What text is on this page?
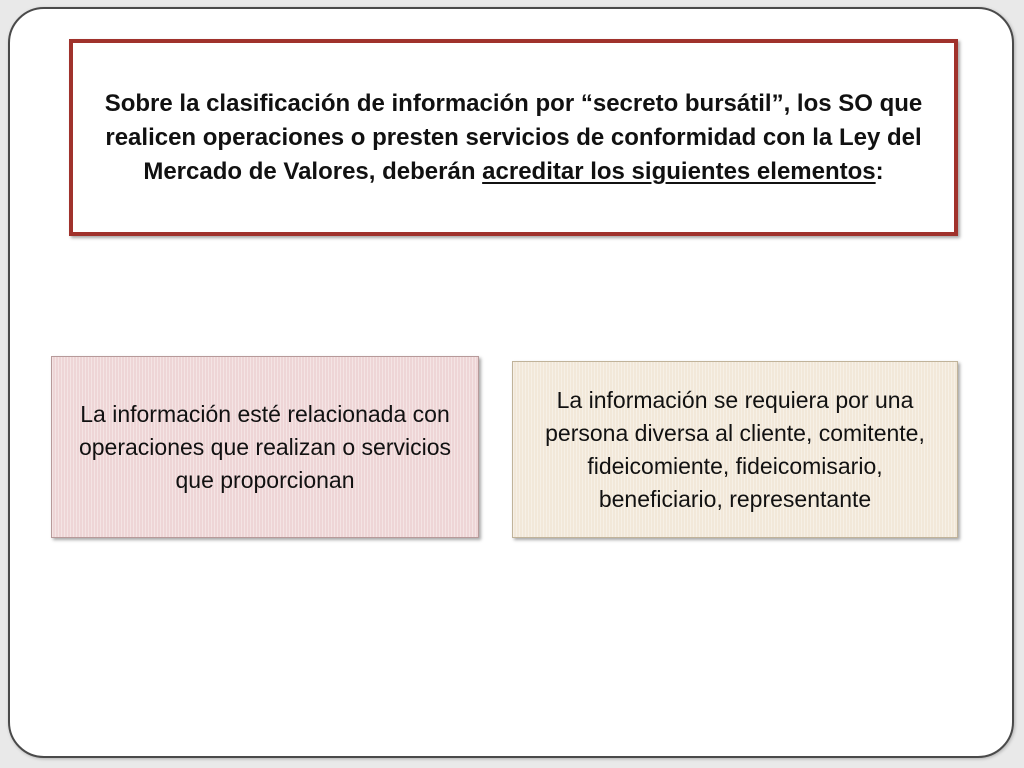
Sobre la clasificación de información por “secreto bursátil”, los SO que realicen operaciones o presten servicios de conformidad con la Ley del Mercado de Valores, deberán acreditar los siguientes elementos:

La información esté relacionada con operaciones que realizan o servicios que proporcionan

La información se requiera por una persona diversa al cliente, comitente, fideicomiente, fideicomisario, beneficiario, representante
